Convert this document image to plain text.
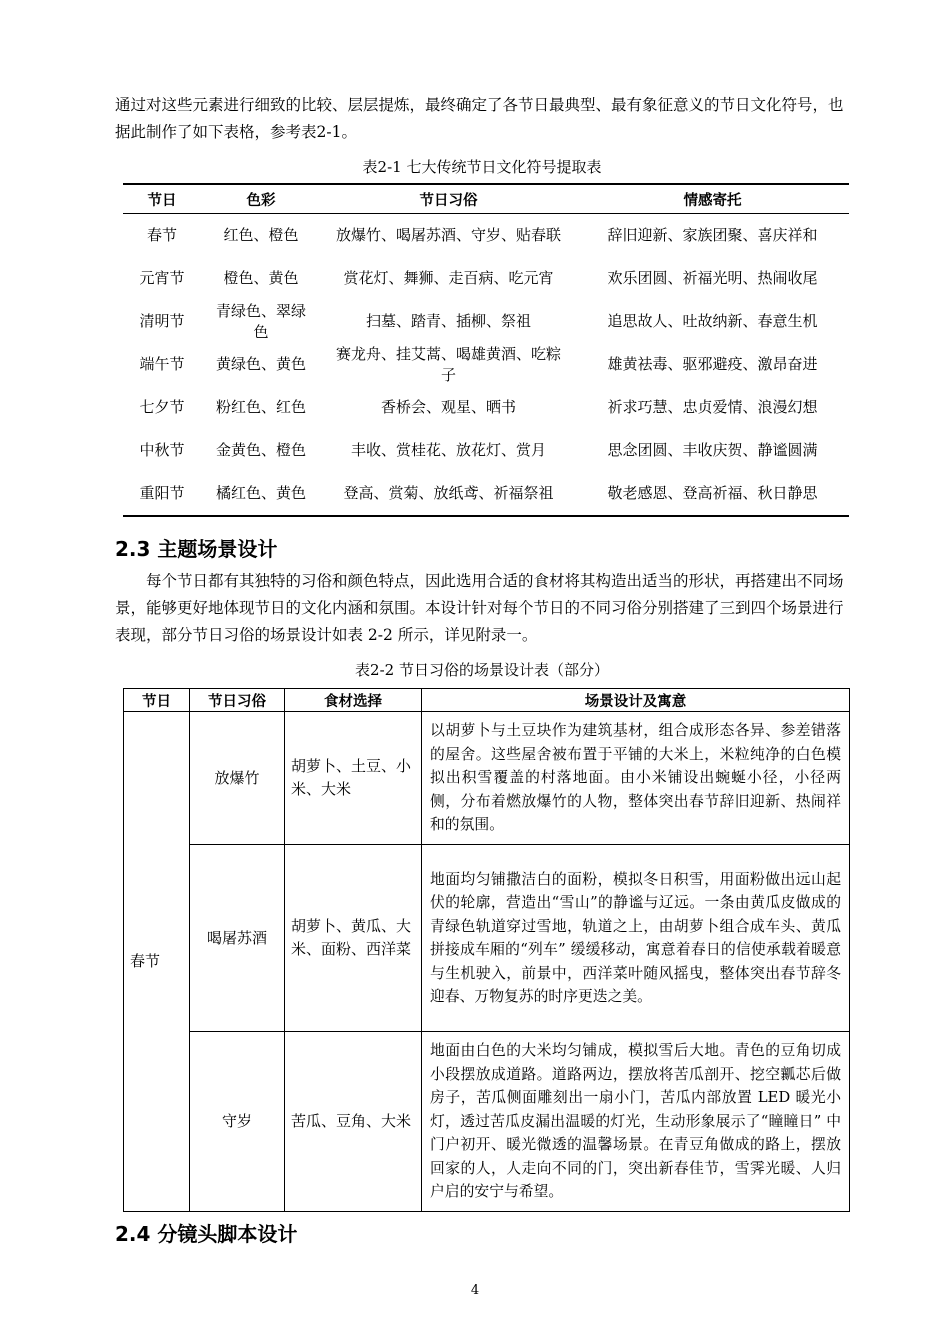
通过对这些元素进行细致的比较、层层提炼，最终确定了各节日最典型、最有象征意义的节日文化符号，也据此制作了如下表格，参考表2-1。

表2-1 七大传统节日文化符号提取表

节日	色彩	节日习俗	情感寄托
春节	红色、橙色	放爆竹、喝屠苏酒、守岁、贴春联	辞旧迎新、家族团聚、喜庆祥和
元宵节	橙色、黄色	赏花灯、舞狮、走百病、吃元宵	欢乐团圆、祈福光明、热闹收尾
清明节	青绿色、翠绿色	扫墓、踏青、插柳、祭祖	追思故人、吐故纳新、春意生机
端午节	黄绿色、黄色	赛龙舟、挂艾蒿、喝雄黄酒、吃粽子	雄黄祛毒、驱邪避疫、激昂奋进
七夕节	粉红色、红色	香桥会、观星、晒书	祈求巧慧、忠贞爱情、浪漫幻想
中秋节	金黄色、橙色	丰收、赏桂花、放花灯、赏月	思念团圆、丰收庆贺、静谧圆满
重阳节	橘红色、黄色	登高、赏菊、放纸鸢、祈福祭祖	敬老感恩、登高祈福、秋日静思
2.3 主题场景设计

每个节日都有其独特的习俗和颜色特点，因此选用合适的食材将其构造出适当的形状，再搭建出不同场景，能够更好地体现节日的文化内涵和氛围。本设计针对每个节日的不同习俗分别搭建了三到四个场景进行表现，部分节日习俗的场景设计如表 2-2 所示，详见附录一。

表2-2 节日习俗的场景设计表（部分）

节日	节日习俗	食材选择	场景设计及寓意
春节	放爆竹	胡萝卜、土豆、小米、大米	以胡萝卜与土豆块作为建筑基材，组合成形态各异、参差错落的屋舍。这些屋舍被布置于平铺的大米上，米粒纯净的白色模拟出积雪覆盖的村落地面。由小米铺设出蜿蜒小径，小径两侧，分布着燃放爆竹的人物，整体突出春节辞旧迎新、热闹祥和的氛围。
	喝屠苏酒	胡萝卜、黄瓜、大米、面粉、西洋菜	地面均匀铺撒洁白的面粉，模拟冬日积雪，用面粉做出远山起伏的轮廓，营造出“雪山”的静谧与辽远。一条由黄瓜皮做成的青绿色轨道穿过雪地，轨道之上，由胡萝卜组合成车头、黄瓜拼接成车厢的“列车” 缓缓移动，寓意着春日的信使承载着暖意与生机驶入，前景中，西洋菜叶随风摇曳，整体突出春节辞冬迎春、万物复苏的时序更迭之美。
	守岁	苦瓜、豆角、大米	地面由白色的大米均匀铺成，模拟雪后大地。青色的豆角切成小段摆放成道路。道路两边，摆放将苦瓜剖开、挖空瓤芯后做房子，苦瓜侧面雕刻出一扇小门，苦瓜内部放置 LED 暖光小灯，透过苦瓜皮漏出温暖的灯光，生动形象展示了“瞳瞳日” 中门户初开、暖光微透的温馨场景。在青豆角做成的路上，摆放回家的人，人走向不同的门，突出新春佳节，雪霁光暖、人归户启的安宁与希望。
2.4 分镜头脚本设计
4
